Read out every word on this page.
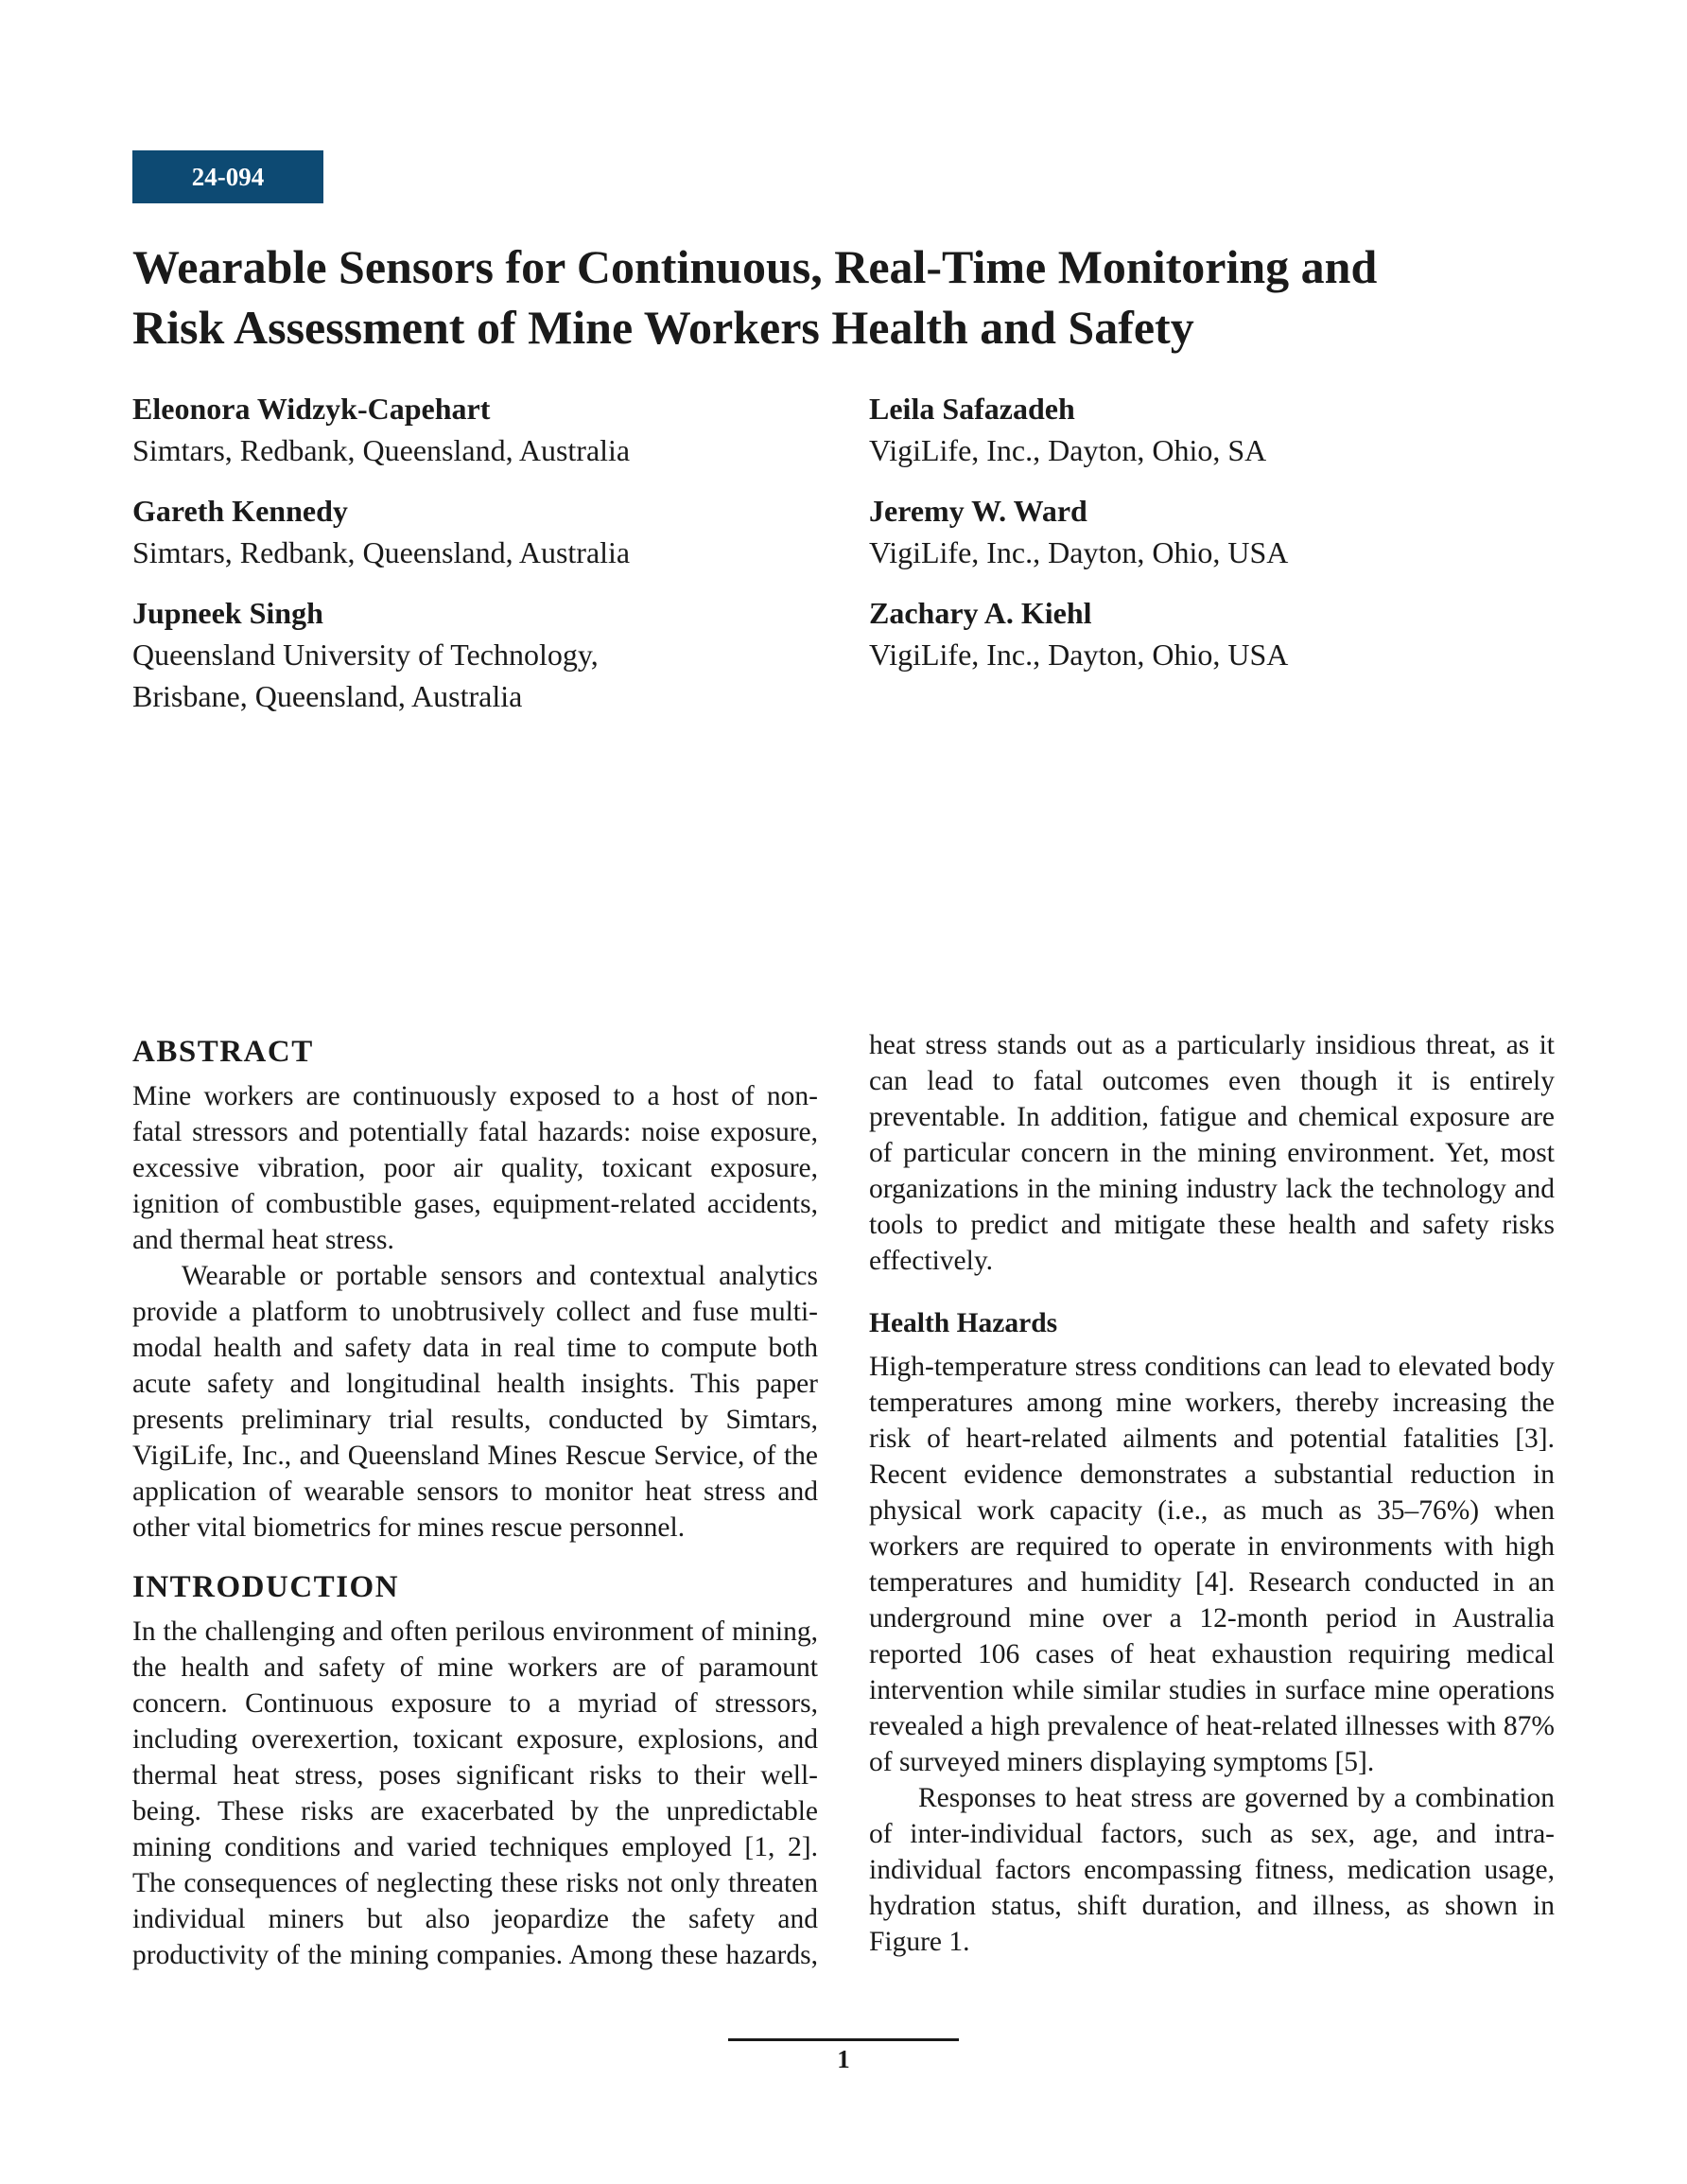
24-094
Wearable Sensors for Continuous, Real-Time Monitoring and
Risk Assessment of Mine Workers Health and Safety
Eleonora Widzyk-Capehart
Simtars, Redbank, Queensland, Australia
Gareth Kennedy
Simtars, Redbank, Queensland, Australia
Jupneek Singh
Queensland University of Technology,
Brisbane, Queensland, Australia
Leila Safazadeh
VigiLife, Inc., Dayton, Ohio, SA
Jeremy W. Ward
VigiLife, Inc., Dayton, Ohio, USA
Zachary A. Kiehl
VigiLife, Inc., Dayton, Ohio, USA
ABSTRACT

Mine workers are continuously exposed to a host of non-fatal stressors and potentially fatal hazards: noise exposure, excessive vibration, poor air quality, toxicant exposure, ignition of combustible gases, equipment-related accidents, and thermal heat stress.

Wearable or portable sensors and contextual analytics provide a platform to unobtrusively collect and fuse multi-modal health and safety data in real time to compute both acute safety and longitudinal health insights. This paper presents preliminary trial results, conducted by Simtars, VigiLife, Inc., and Queensland Mines Rescue Service, of the application of wearable sensors to monitor heat stress and other vital biometrics for mines rescue personnel.

INTRODUCTION

In the challenging and often perilous environment of mining, the health and safety of mine workers are of paramount concern. Continuous exposure to a myriad of stressors, including overexertion, toxicant exposure, explosions, and thermal heat stress, poses significant risks to their well-being. These risks are exacerbated by the unpredictable mining conditions and varied techniques employed [1, 2]. The consequences of neglecting these risks not only threaten individual miners but also jeopardize the safety and productivity of the mining companies. Among these hazards,

heat stress stands out as a particularly insidious threat, as it can lead to fatal outcomes even though it is entirely preventable. In addition, fatigue and chemical exposure are of particular concern in the mining environment. Yet, most organizations in the mining industry lack the technology and tools to predict and mitigate these health and safety risks effectively.

Health Hazards

High-temperature stress conditions can lead to elevated body temperatures among mine workers, thereby increasing the risk of heart-related ailments and potential fatalities [3]. Recent evidence demonstrates a substantial reduction in physical work capacity (i.e., as much as 35–76%) when workers are required to operate in environments with high temperatures and humidity [4]. Research conducted in an underground mine over a 12-month period in Australia reported 106 cases of heat exhaustion requiring medical intervention while similar studies in surface mine operations revealed a high prevalence of heat-related illnesses with 87% of surveyed miners displaying symptoms [5].

Responses to heat stress are governed by a combination of inter-individual factors, such as sex, age, and intra-individual factors encompassing fitness, medication usage, hydration status, shift duration, and illness, as shown in Figure 1.

1
